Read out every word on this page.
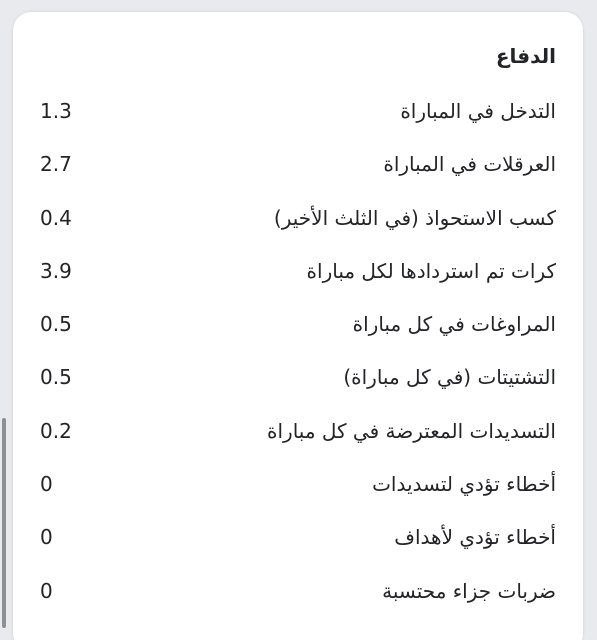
الدفاع
التدخل في المباراة
1.3
العرقلات في المباراة
2.7
كسب الاستحواذ (في الثلث الأخير)
0.4
كرات تم استردادها لكل مباراة
3.9
المراوغات في كل مباراة
0.5
التشتيتات (في كل مباراة)
0.5
التسديدات المعترضة في كل مباراة
0.2
أخطاء تؤدي لتسديدات
0
أخطاء تؤدي لأهداف
0
ضربات جزاء محتسبة
0
